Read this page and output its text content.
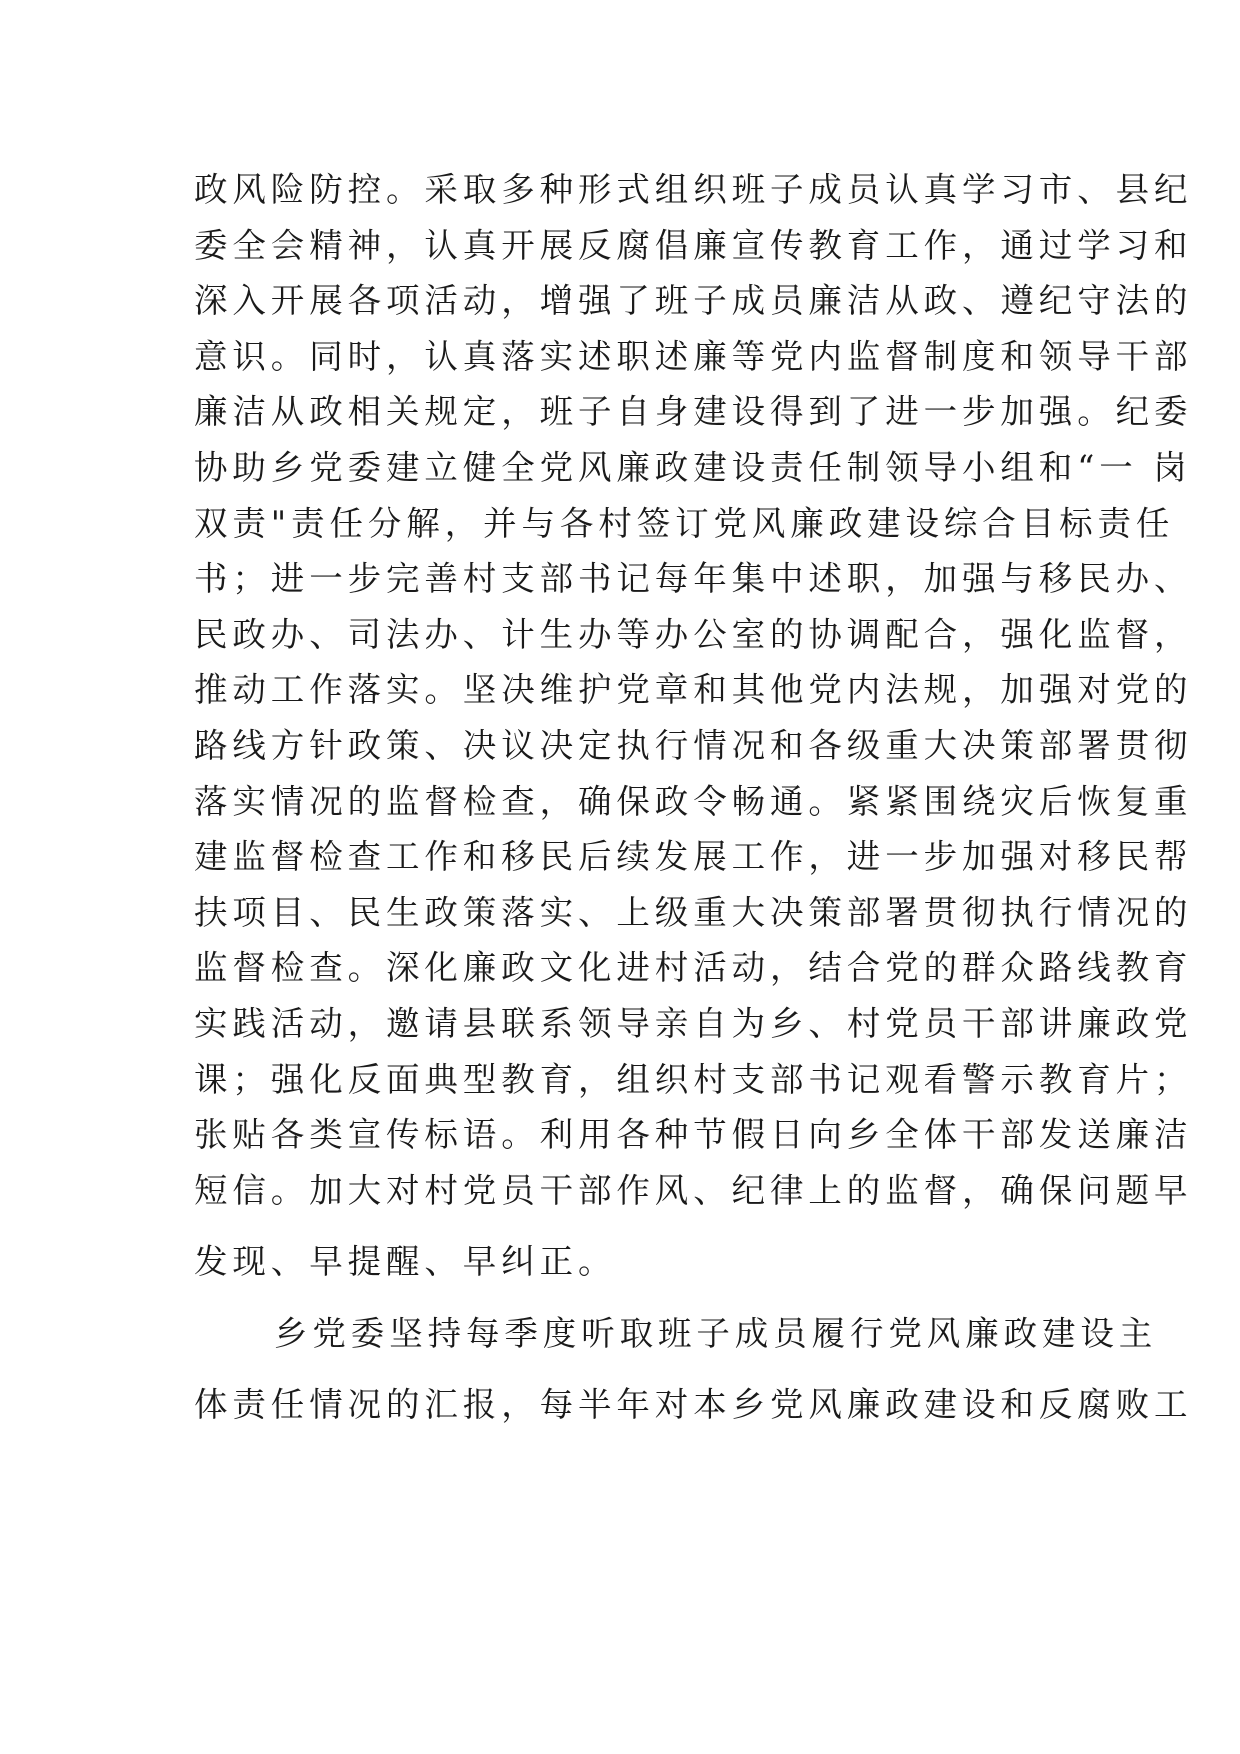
政风险防控。采取多种形式组织班子成员认真学习市、县纪
委全会精神，认真开展反腐倡廉宣传教育工作，通过学习和
深入开展各项活动，增强了班子成员廉洁从政、遵纪守法的
意识。同时，认真落实述职述廉等党内监督制度和领导干部
廉洁从政相关规定，班子自身建设得到了进一步加强。纪委
协助乡党委建立健全党风廉政建设责任制领导小组和“一 岗
双责"责任分解，并与各村签订党风廉政建设综合目标责任
书；进一步完善村支部书记每年集中述职，加强与移民办、
民政办、司法办、计生办等办公室的协调配合，强化监督，
推动工作落实。坚决维护党章和其他党内法规，加强对党的
路线方针政策、决议决定执行情况和各级重大决策部署贯彻
落实情况的监督检查，确保政令畅通。紧紧围绕灾后恢复重
建监督检查工作和移民后续发展工作，进一步加强对移民帮
扶项目、民生政策落实、上级重大决策部署贯彻执行情况的
监督检查。深化廉政文化进村活动，结合党的群众路线教育
实践活动，邀请县联系领导亲自为乡、村党员干部讲廉政党
课；强化反面典型教育，组织村支部书记观看警示教育片；
张贴各类宣传标语。利用各种节假日向乡全体干部发送廉洁
短信。加大对村党员干部作风、纪律上的监督，确保问题早
发现、早提醒、早纠正。
乡党委坚持每季度听取班子成员履行党风廉政建设主
体责任情况的汇报，每半年对本乡党风廉政建设和反腐败工
